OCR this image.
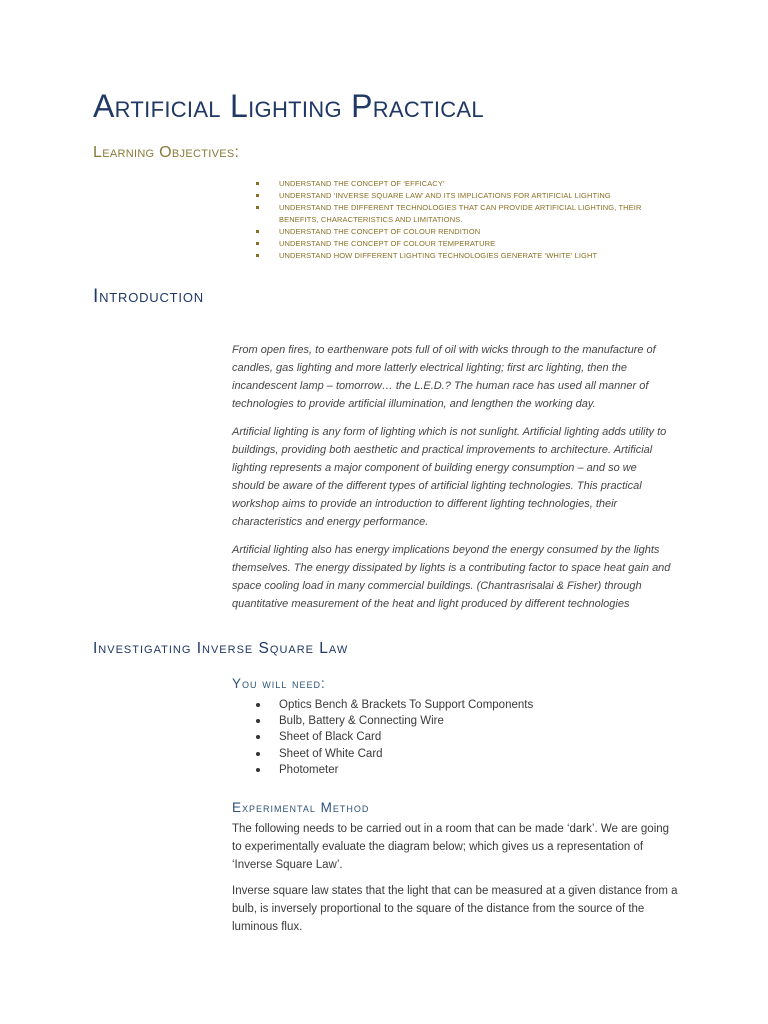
Artificial Lighting Practical
Learning Objectives:
UNDERSTAND THE CONCEPT OF ‘EFFICACY’
UNDERSTAND ‘INVERSE SQUARE LAW’ AND ITS IMPLICATIONS FOR ARTIFICIAL LIGHTING
UNDERSTAND THE DIFFERENT TECHNOLOGIES THAT CAN PROVIDE ARTIFICIAL LIGHTING, THEIR BENEFITS, CHARACTERISTICS AND LIMITATIONS.
UNDERSTAND THE CONCEPT OF COLOUR RENDITION
UNDERSTAND THE CONCEPT OF COLOUR TEMPERATURE
UNDERSTAND HOW DIFFERENT LIGHTING TECHNOLOGIES GENERATE ‘WHITE’ LIGHT
Introduction

From open fires, to earthenware pots full of oil with wicks through to the manufacture of candles, gas lighting and more latterly electrical lighting; first arc lighting, then the incandescent lamp – tomorrow… the L.E.D.? The human race has used all manner of technologies to provide artificial illumination, and lengthen the working day.

Artificial lighting is any form of lighting which is not sunlight. Artificial lighting adds utility to buildings, providing both aesthetic and practical improvements to architecture. Artificial lighting represents a major component of building energy consumption – and so we should be aware of the different types of artificial lighting technologies. This practical workshop aims to provide an introduction to different lighting technologies, their characteristics and energy performance.

Artificial lighting also has energy implications beyond the energy consumed by the lights themselves. The energy dissipated by lights is a contributing factor to space heat gain and space cooling load in many commercial buildings. (Chantrasrisalai & Fisher) through quantitative measurement of the heat and light produced by different technologies

Investigating Inverse Square Law
You will need:
Optics Bench & Brackets To Support Components
Bulb, Battery & Connecting Wire
Sheet of Black Card
Sheet of White Card
Photometer
Experimental Method

The following needs to be carried out in a room that can be made ‘dark’. We are going to experimentally evaluate the diagram below; which gives us a representation of ‘Inverse Square Law’.

Inverse square law states that the light that can be measured at a given distance from a bulb, is inversely proportional to the square of the distance from the source of the luminous flux.
